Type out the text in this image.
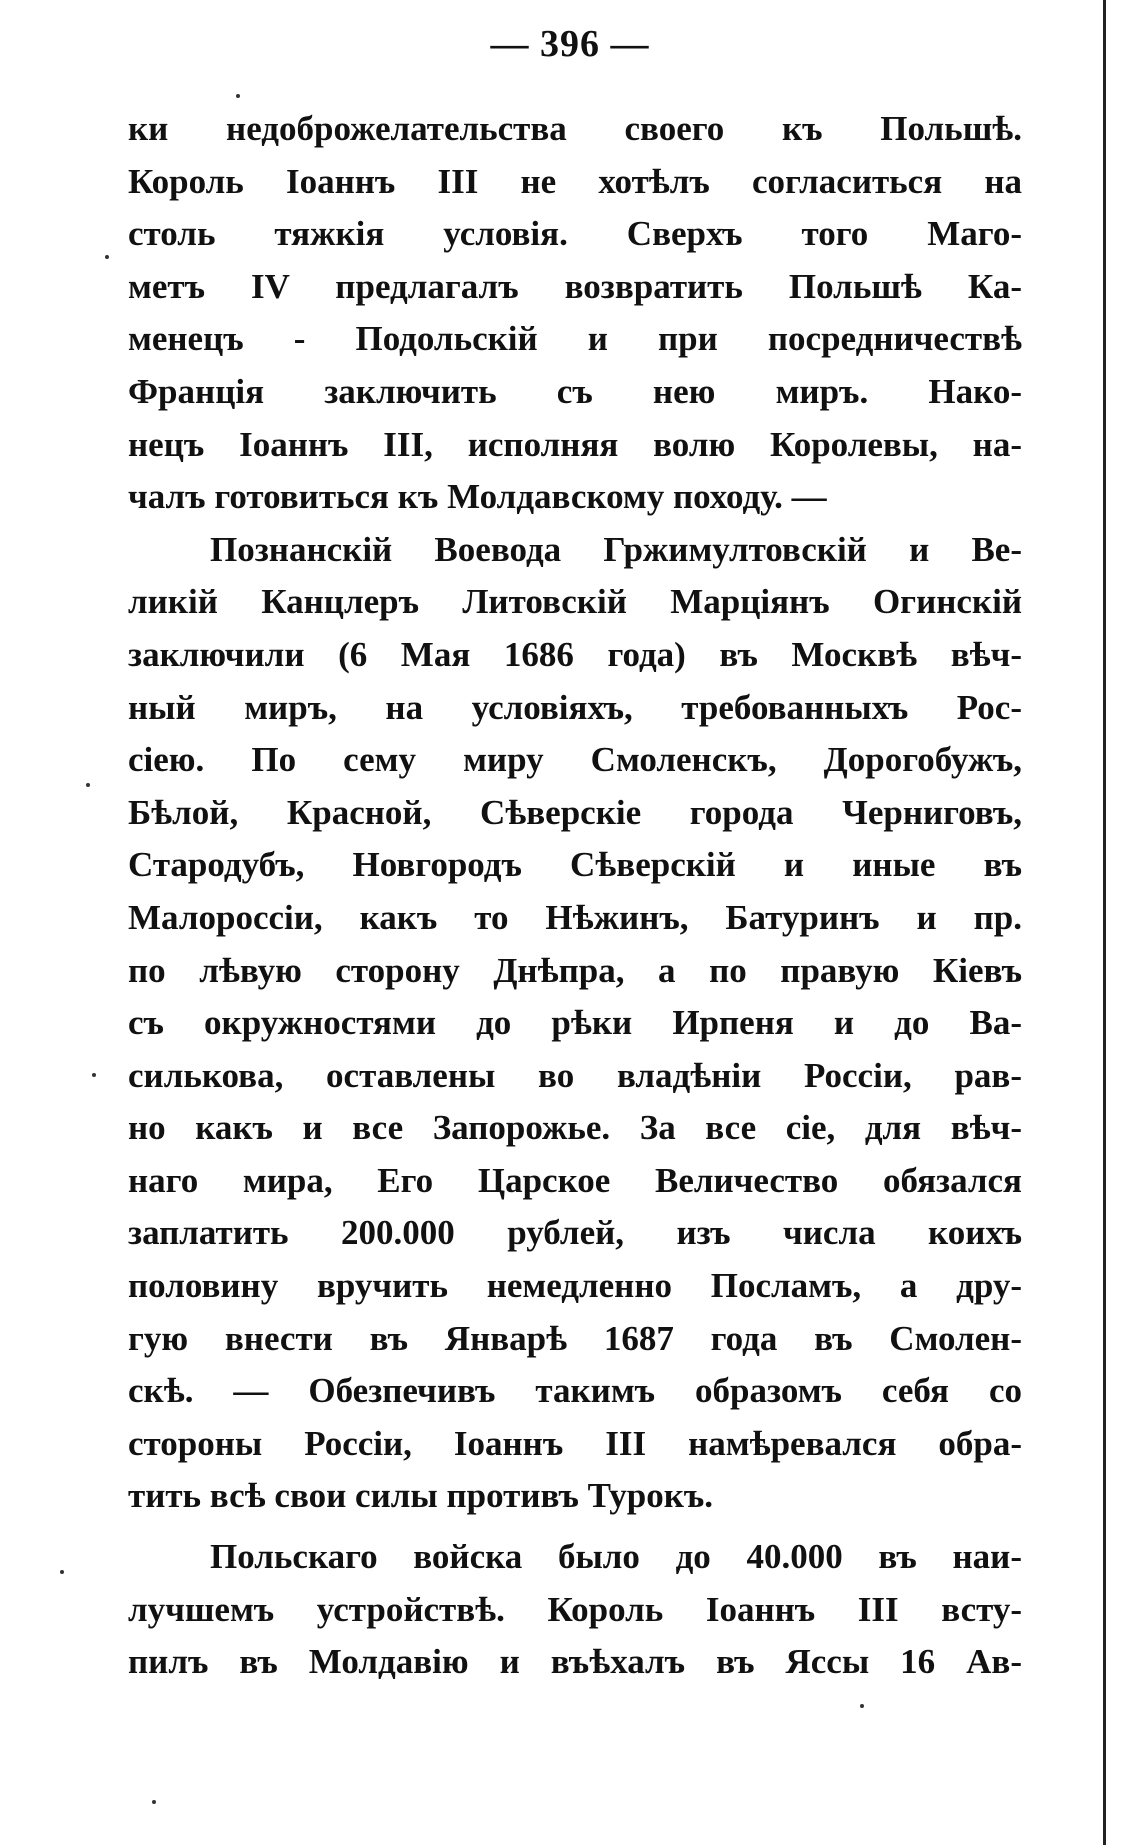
— 396 —
ки недоброжелательства своего къ Польшѣ.
Король Іоаннъ III не хотѣлъ согласиться на
столь тяжкія условія. Сверхъ того Маго-
метъ IV предлагалъ возвратить Польшѣ Ка-
менецъ - Подольскій и при посредничествѣ
Франція заключить съ нею миръ. Нако-
нецъ Іоаннъ III, исполняя волю Королевы, на-
чалъ готовиться къ Молдавскому походу. —
Познанскій Воевода Гржимултовскій и Ве-
ликій Канцлеръ Литовскій Марціянъ Огинскій
заключили (6 Мая 1686 года) въ Москвѣ вѣч-
ный миръ, на условіяхъ, требованныхъ Рос-
сіею. По сему миру Смоленскъ, Дорогобужъ,
Бѣлой, Красной, Сѣверскіе города Черниговъ,
Стародубъ, Новгородъ Сѣверскій и иные въ
Малороссіи, какъ то Нѣжинъ, Батуринъ и пр.
по лѣвую сторону Днѣпра, а по правую Кіевъ
съ окружностями до рѣки Ирпеня и до Ва-
силькова, оставлены во владѣніи Россіи, рав-
но какъ и все Запорожье. За все сіе, для вѣч-
наго мира, Его Царское Величество обязался
заплатить 200.000 рублей, изъ числа коихъ
половину вручить немедленно Посламъ, а дру-
гую внести въ Январѣ 1687 года въ Смолен-
скѣ. — Обезпечивъ такимъ образомъ себя со
стороны Россіи, Іоаннъ III намѣревался обра-
тить всѣ свои силы противъ Турокъ.
Польскаго войска было до 40.000 въ наи-
лучшемъ устройствѣ. Король Іоаннъ III всту-
пилъ въ Молдавію и въѣхалъ въ Яссы 16 Ав-
